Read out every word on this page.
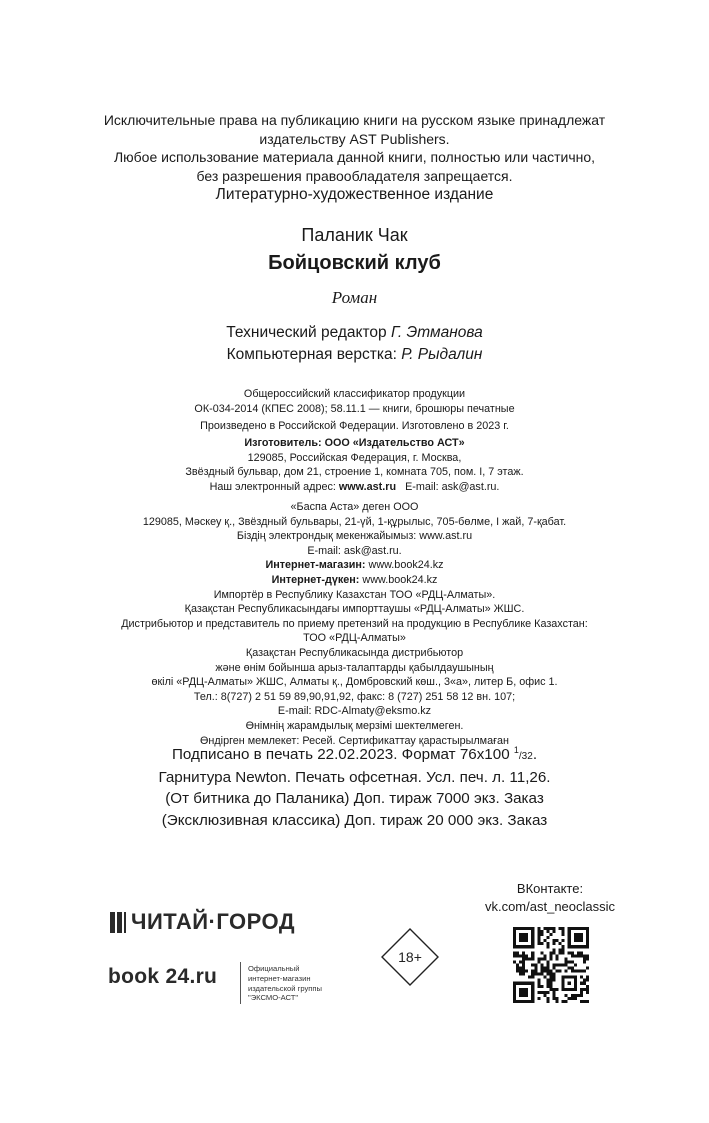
Исключительные права на публикацию книги на русском языке принадлежат
издательству AST Publishers.
Любое использование материала данной книги, полностью или частично,
без разрешения правообладателя запрещается.
Литературно-художественное издание
Паланик Чак
Бойцовский клуб
Роман
Технический редактор Г. Этманова
Компьютерная верстка: Р. Рыдалин
Общероссийский классификатор продукции
ОК-034-2014 (КПЕС 2008); 58.11.1 — книги, брошюры печатные
Произведено в Российской Федерации. Изготовлено в 2023 г.
Изготовитель: ООО «Издательство АСТ»
129085, Российская Федерация, г. Москва,
Звёздный бульвар, дом 21, строение 1, комната 705, пом. I, 7 этаж.
Наш электронный адрес: www.ast.ru E-mail: ask@ast.ru.
«Баспа Аста» деген ООО
129085, Мәскеу қ., Звёздный бульвары, 21-үй, 1-құрылыс, 705-бөлме, I жай, 7-қабат.
Біздің электрондық мекенжайымыз: www.ast.ru
E-mail: ask@ast.ru.
Интернет-магазин: www.book24.kz
Интернет-дүкен: www.book24.kz
Импортёр в Республику Казахстан ТОО «РДЦ-Алматы».
Қазақстан Республикасындағы импорттаушы «РДЦ-Алматы» ЖШС.
Дистрибьютор и представитель по приему претензий на продукцию в Республике Казахстан:
ТОО «РДЦ-Алматы»
Қазақстан Республикасында дистрибьютор
және өнім бойынша арыз-талаптарды қабылдаушының
өкілі «РДЦ-Алматы» ЖШС, Алматы қ., Домбровский көш., 3«а», литер Б, офис 1.
Тел.: 8(727) 2 51 59 89,90,91,92, факс: 8 (727) 251 58 12 вн. 107;
E-mail: RDC-Almaty@eksmo.kz
Өнімнің жарамдылық мерзімі шектелмеген.
Өндірген мемлекет: Ресей. Сертификаттау қарастырылмаған
Подписано в печать 22.02.2023. Формат 76х100 $^1$/32.
Гарнитура Newton. Печать офсетная. Усл. печ. л. 11,26.
(От битника до Паланика) Доп. тираж 7000 экз. Заказ
(Эксклюзивная классика) Доп. тираж 20 000 экз. Заказ
ВКонтакте:
vk.com/ast_neoclassic
ЧИТАЙ·ГОРОД
18+
book 24.ru	Официальный
интернет-магазин
издательской группы
"ЭКСМО-АСТ"
